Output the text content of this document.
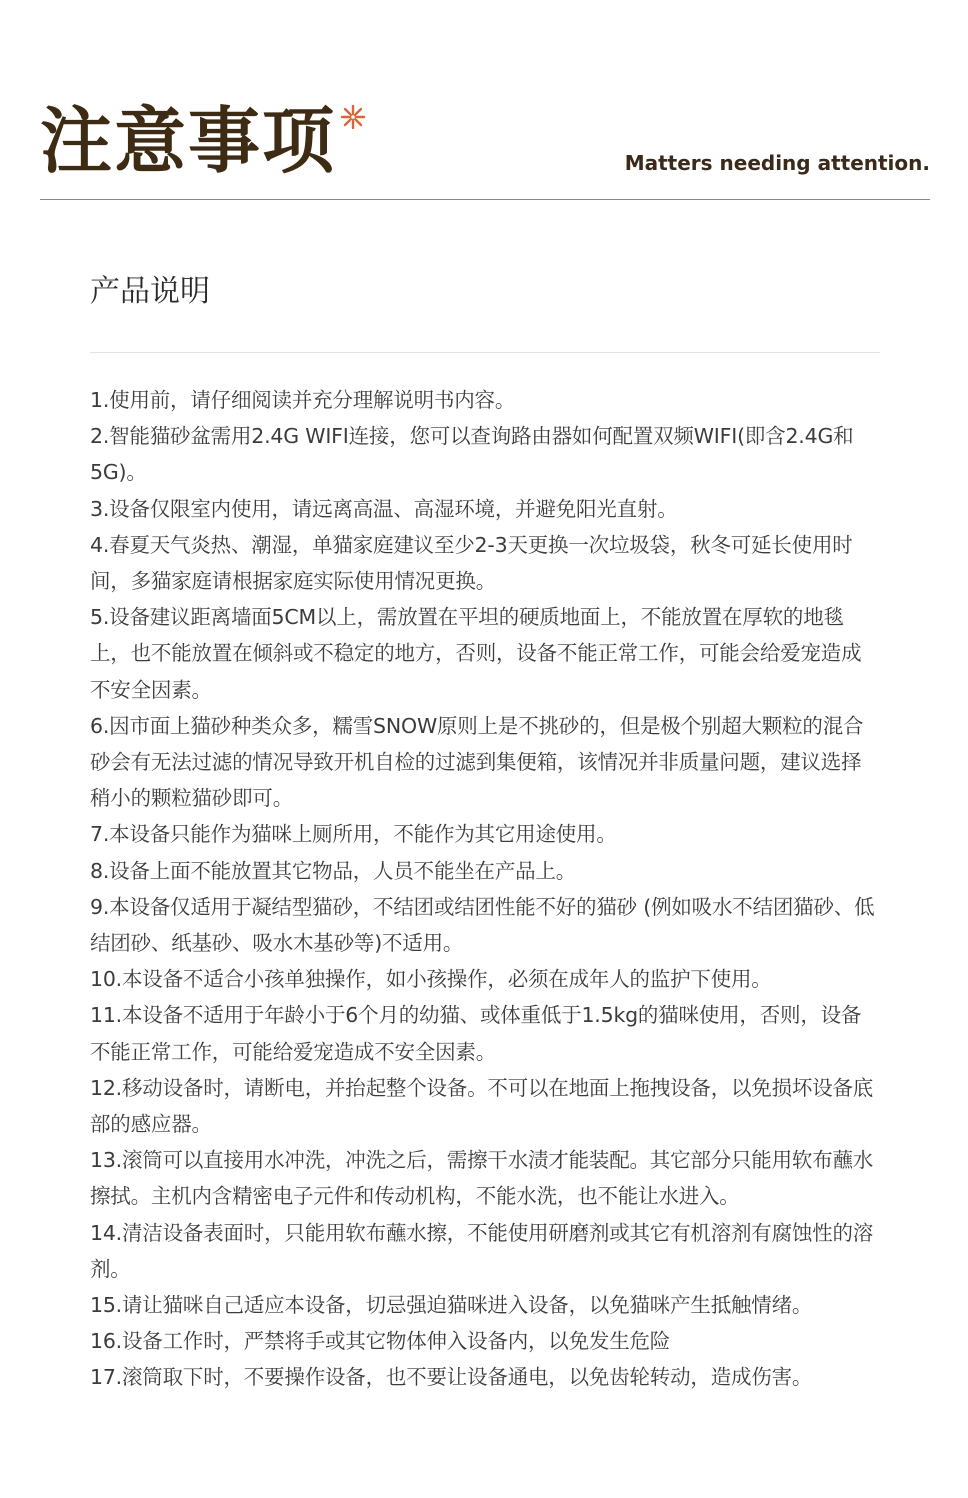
注意事项	Matters needing attention.
产品说明
1.使用前，请仔细阅读并充分理解说明书内容。
2.智能猫砂盆需用2.4G WIFI连接，您可以查询路由器如何配置双频WIFI(即含2.4G和5G)。
3.设备仅限室内使用，请远离高温、高湿环境，并避免阳光直射。
4.春夏天气炎热、潮湿，单猫家庭建议至少2-3天更换一次垃圾袋，秋冬可延长使用时间，多猫家庭请根据家庭实际使用情况更换。
5.设备建议距离墙面5CM以上，需放置在平坦的硬质地面上，不能放置在厚软的地毯上，也不能放置在倾斜或不稳定的地方，否则，设备不能正常工作，可能会给爱宠造成不安全因素。
6.因市面上猫砂种类众多，糯雪SNOW原则上是不挑砂的，但是极个别超大颗粒的混合砂会有无法过滤的情况导致开机自检的过滤到集便箱，该情况并非质量问题，建议选择稍小的颗粒猫砂即可。
7.本设备只能作为猫咪上厕所用，不能作为其它用途使用。
8.设备上面不能放置其它物品，人员不能坐在产品上。
9.本设备仅适用于凝结型猫砂，不结团或结团性能不好的猫砂 (例如吸水不结团猫砂、低结团砂、纸基砂、吸水木基砂等)不适用。
10.本设备不适合小孩单独操作，如小孩操作，必须在成年人的监护下使用。
11.本设备不适用于年龄小于6个月的幼猫、或体重低于1.5kg的猫咪使用，否则，设备不能正常工作，可能给爱宠造成不安全因素。
12.移动设备时，请断电，并抬起整个设备。不可以在地面上拖拽设备，以免损坏设备底部的感应器。
13.滚筒可以直接用水冲洗，冲洗之后，需擦干水渍才能装配。其它部分只能用软布蘸水擦拭。主机内含精密电子元件和传动机构，不能水洗，也不能让水进入。
14.清洁设备表面时，只能用软布蘸水擦，不能使用研磨剂或其它有机溶剂有腐蚀性的溶剂。
15.请让猫咪自己适应本设备，切忌强迫猫咪进入设备，以免猫咪产生抵触情绪。
16.设备工作时，严禁将手或其它物体伸入设备内，以免发生危险
17.滚筒取下时，不要操作设备，也不要让设备通电，以免齿轮转动，造成伤害。
